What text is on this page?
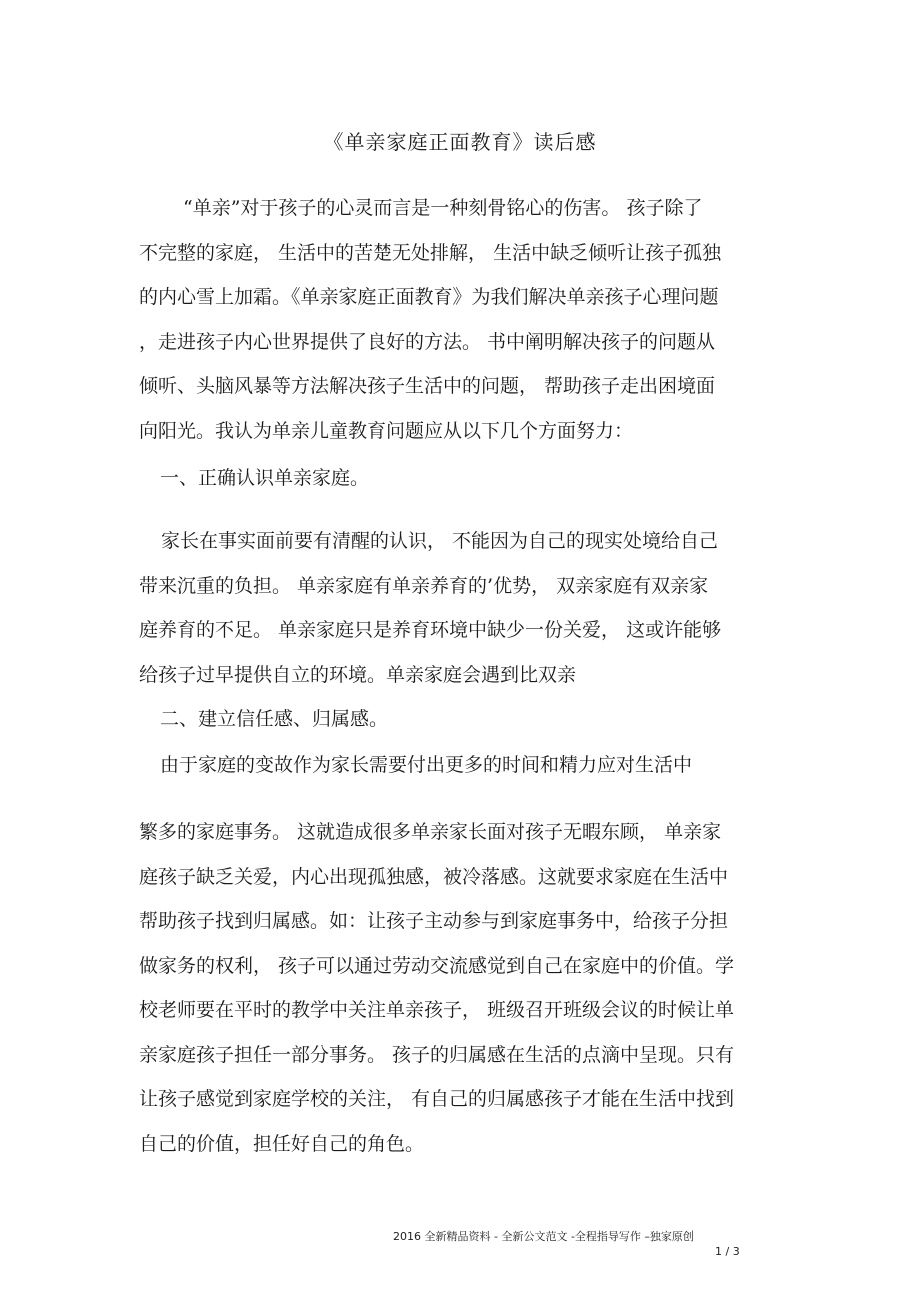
《单亲家庭正面教育》读后感
“单亲”对于孩子的心灵而言是一种刻骨铭心的伤害。 孩子除了
不完整的家庭， 生活中的苦楚无处排解， 生活中缺乏倾听让孩子孤独
的内心雪上加霜。《单亲家庭正面教育》为我们解决单亲孩子心理问题
，走进孩子内心世界提供了良好的方法。 书中阐明解决孩子的问题从
倾听、头脑风暴等方法解决孩子生活中的问题， 帮助孩子走出困境面
向阳光。我认为单亲儿童教育问题应从以下几个方面努力：
一、正确认识单亲家庭。
家长在事实面前要有清醒的认识， 不能因为自己的现实处境给自己
带来沉重的负担。 单亲家庭有单亲养育的’优势， 双亲家庭有双亲家
庭养育的不足。 单亲家庭只是养育环境中缺少一份关爱， 这或许能够
给孩子过早提供自立的环境。单亲家庭会遇到比双亲
二、建立信任感、归属感。
由于家庭的变故作为家长需要付出更多的时间和精力应对生活中
繁多的家庭事务。 这就造成很多单亲家长面对孩子无暇东顾， 单亲家
庭孩子缺乏关爱，内心出现孤独感，被冷落感。这就要求家庭在生活中
帮助孩子找到归属感。如：让孩子主动参与到家庭事务中，给孩子分担
做家务的权利， 孩子可以通过劳动交流感觉到自己在家庭中的价值。学
校老师要在平时的教学中关注单亲孩子， 班级召开班级会议的时候让单
亲家庭孩子担任一部分事务。 孩子的归属感在生活的点滴中呈现。只有
让孩子感觉到家庭学校的关注， 有自己的归属感孩子才能在生活中找到
自己的价值，担任好自己的角色。
2016 全新精品资料 - 全新公文范文 -全程指导写作 –独家原创
1 / 3
